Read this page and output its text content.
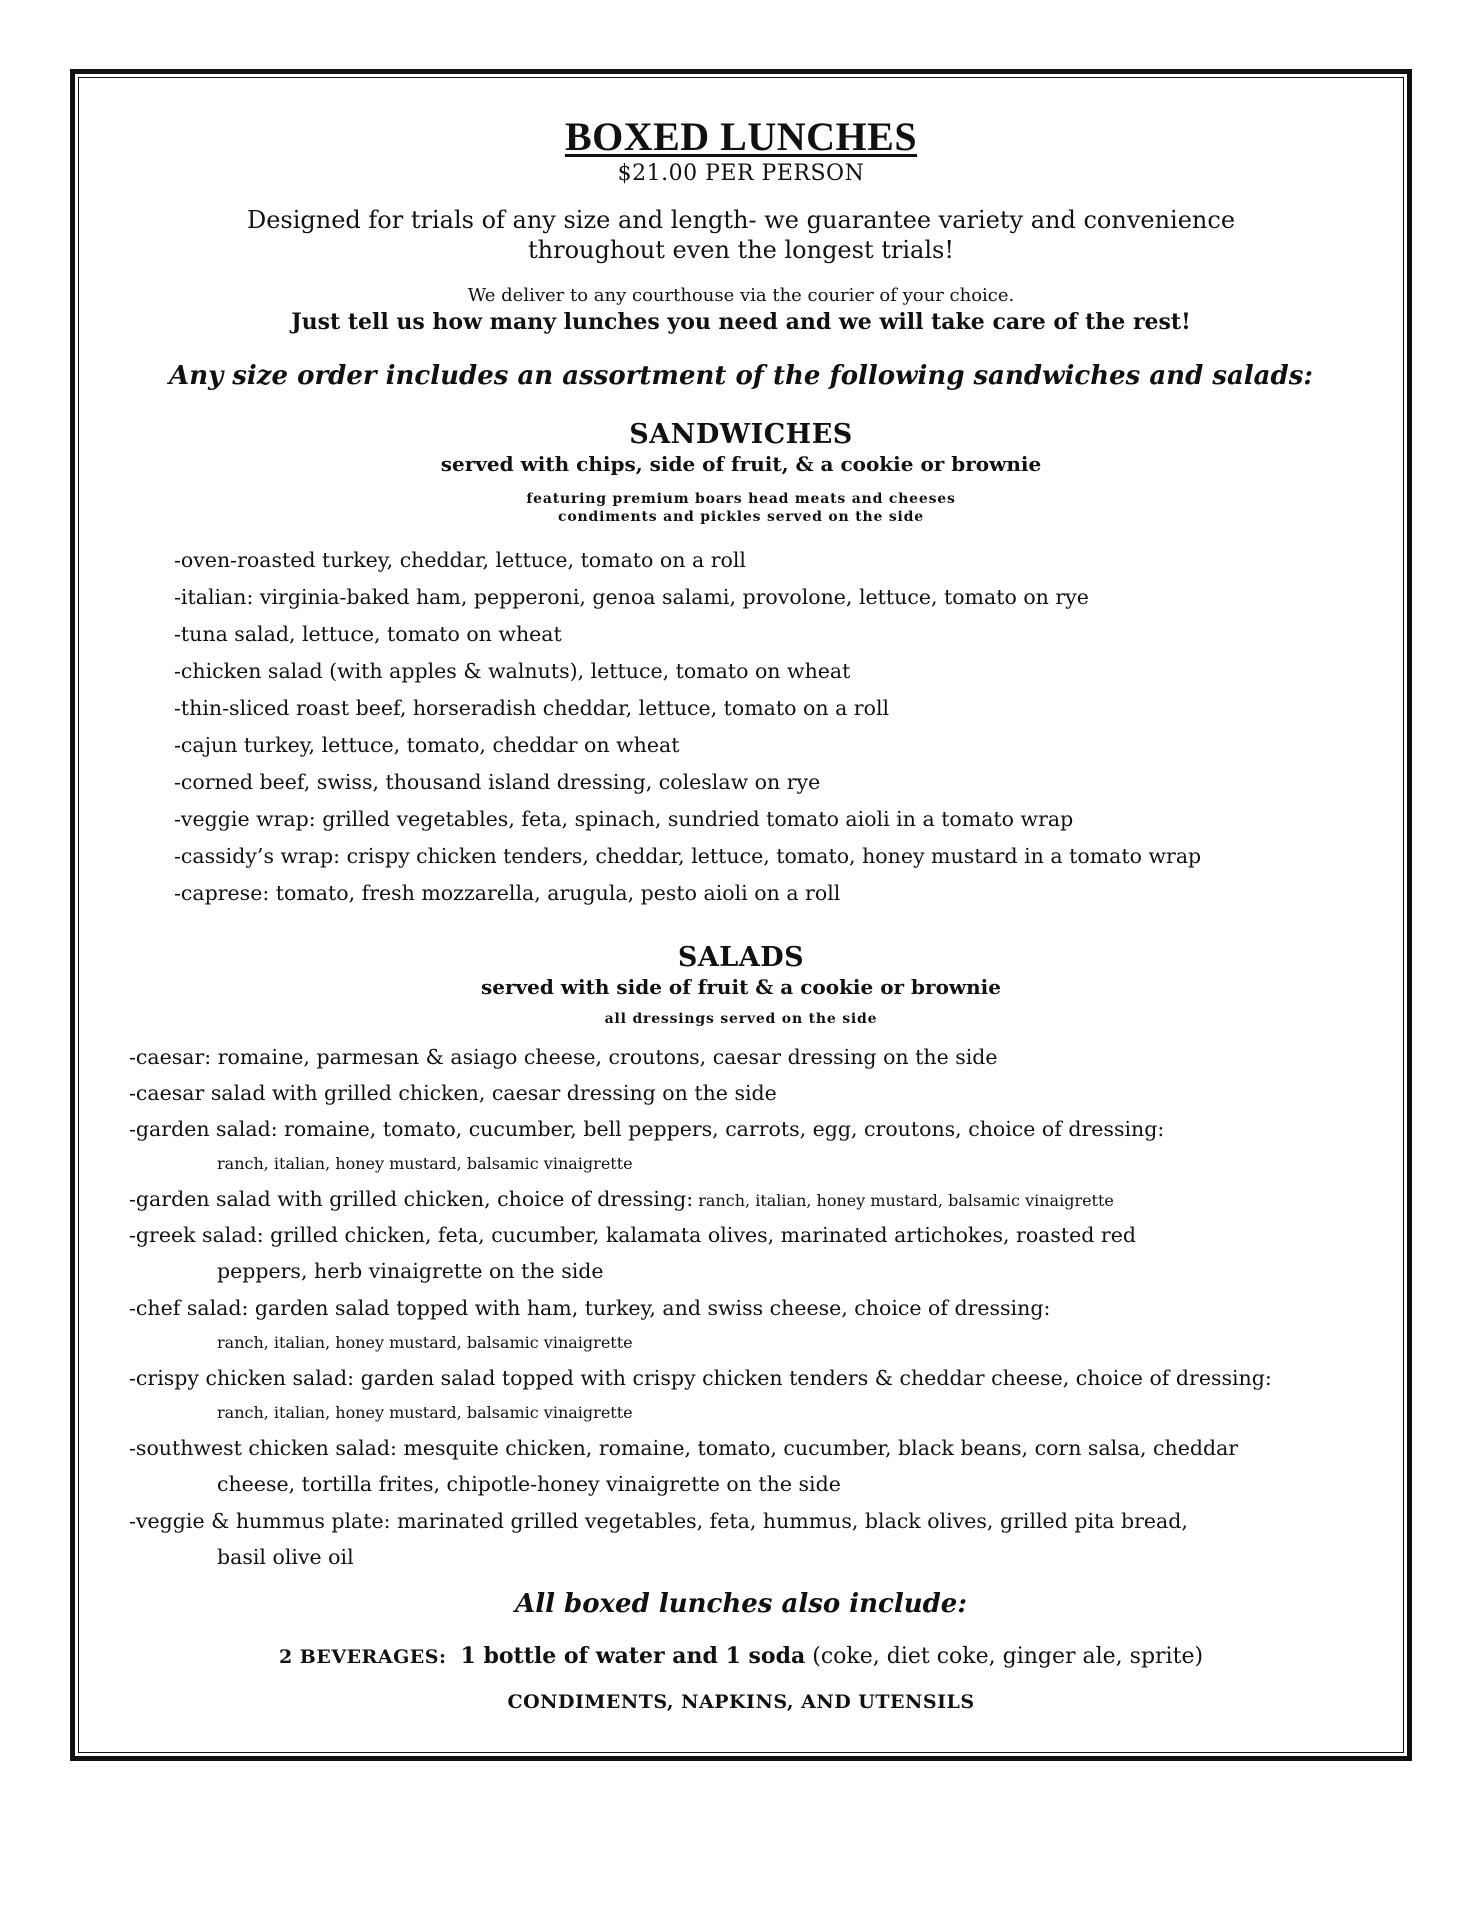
BOXED LUNCHES
$21.00 PER PERSON
Designed for trials of any size and length- we guarantee variety and convenience
throughout even the longest trials!
We deliver to any courthouse via the courier of your choice.
Just tell us how many lunches you need and we will take care of the rest!
Any size order includes an assortment of the following sandwiches and salads:
SANDWICHES
served with chips, side of fruit, & a cookie or brownie
featuring premium boars head meats and cheeses
condiments and pickles served on the side
-oven-roasted turkey, cheddar, lettuce, tomato on a roll
-italian: virginia-baked ham, pepperoni, genoa salami, provolone, lettuce, tomato on rye
-tuna salad, lettuce, tomato on wheat
-chicken salad (with apples & walnuts), lettuce, tomato on wheat
-thin-sliced roast beef, horseradish cheddar, lettuce, tomato on a roll
-cajun turkey, lettuce, tomato, cheddar on wheat
-corned beef, swiss, thousand island dressing, coleslaw on rye
-veggie wrap: grilled vegetables, feta, spinach, sundried tomato aioli in a tomato wrap
-cassidy’s wrap: crispy chicken tenders, cheddar, lettuce, tomato, honey mustard in a tomato wrap
-caprese: tomato, fresh mozzarella, arugula, pesto aioli on a roll
SALADS
served with side of fruit & a cookie or brownie
all dressings served on the side
-caesar: romaine, parmesan & asiago cheese, croutons, caesar dressing on the side
-caesar salad with grilled chicken, caesar dressing on the side
-garden salad: romaine, tomato, cucumber, bell peppers, carrots, egg, croutons, choice of dressing:
ranch, italian, honey mustard, balsamic vinaigrette
-garden salad with grilled chicken, choice of dressing: ranch, italian, honey mustard, balsamic vinaigrette
-greek salad: grilled chicken, feta, cucumber, kalamata olives, marinated artichokes, roasted red
peppers, herb vinaigrette on the side
-chef salad: garden salad topped with ham, turkey, and swiss cheese, choice of dressing:
ranch, italian, honey mustard, balsamic vinaigrette
-crispy chicken salad: garden salad topped with crispy chicken tenders & cheddar cheese, choice of dressing:
ranch, italian, honey mustard, balsamic vinaigrette
-southwest chicken salad: mesquite chicken, romaine, tomato, cucumber, black beans, corn salsa, cheddar
cheese, tortilla frites, chipotle-honey vinaigrette on the side
-veggie & hummus plate: marinated grilled vegetables, feta, hummus, black olives, grilled pita bread,
basil olive oil
All boxed lunches also include:
2 BEVERAGES: 1 bottle of water and 1 soda (coke, diet coke, ginger ale, sprite)
CONDIMENTS, NAPKINS, AND UTENSILS
